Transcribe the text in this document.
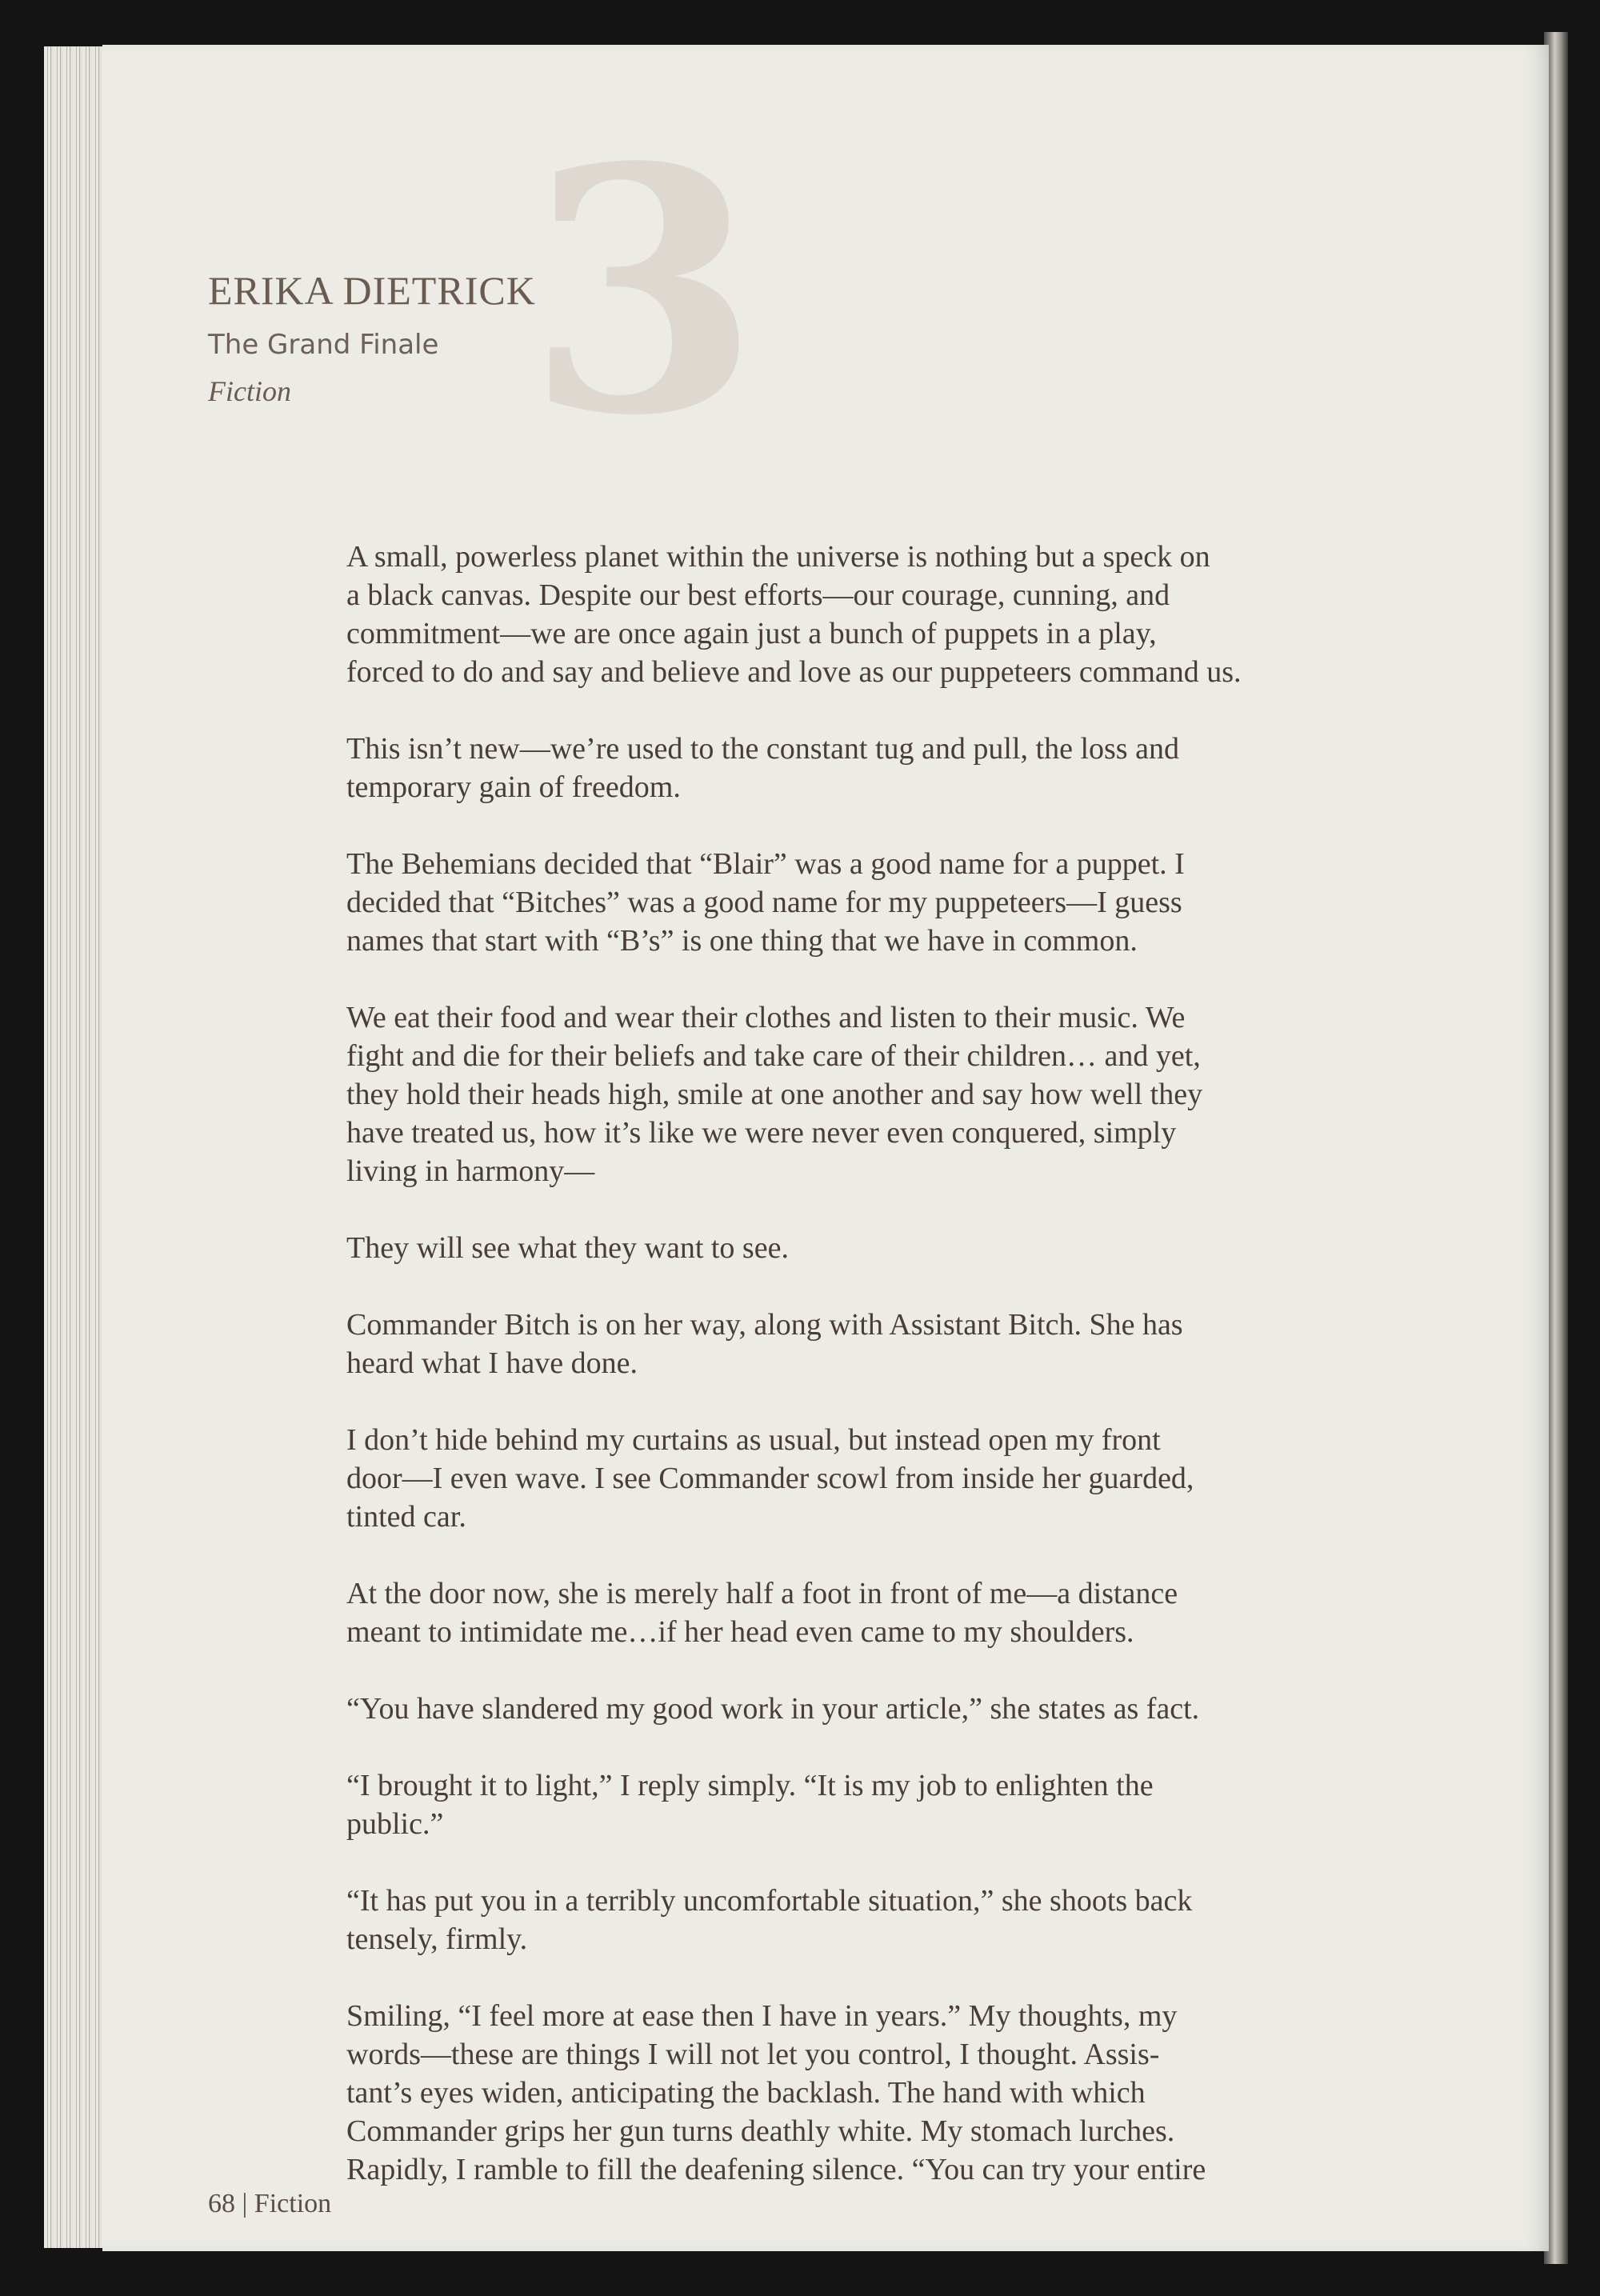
3
ERIKA DIETRICK
The Grand Finale
Fiction

A small, powerless planet within the universe is nothing but a speck on
a black canvas. Despite our best efforts—our courage, cunning, and
commitment—we are once again just a bunch of puppets in a play,
forced to do and say and believe and love as our puppeteers command us.

This isn’t new—we’re used to the constant tug and pull, the loss and
temporary gain of freedom.

The Behemians decided that “Blair” was a good name for a puppet. I
decided that “Bitches” was a good name for my puppeteers—I guess
names that start with “B’s” is one thing that we have in common.

We eat their food and wear their clothes and listen to their music. We
fight and die for their beliefs and take care of their children… and yet,
they hold their heads high, smile at one another and say how well they
have treated us, how it’s like we were never even conquered, simply
living in harmony—

They will see what they want to see.

Commander Bitch is on her way, along with Assistant Bitch. She has
heard what I have done.

I don’t hide behind my curtains as usual, but instead open my front
door—I even wave. I see Commander scowl from inside her guarded,
tinted car.

At the door now, she is merely half a foot in front of me—a distance
meant to intimidate me…if her head even came to my shoulders.

“You have slandered my good work in your article,” she states as fact.

“I brought it to light,” I reply simply. “It is my job to enlighten the
public.”

“It has put you in a terribly uncomfortable situation,” she shoots back
tensely, firmly.

Smiling, “I feel more at ease then I have in years.” My thoughts, my
words—these are things I will not let you control, I thought. Assis-
tant’s eyes widen, anticipating the backlash. The hand with which
Commander grips her gun turns deathly white. My stomach lurches.
Rapidly, I ramble to fill the deafening silence. “You can try your entire

68 | Fiction
